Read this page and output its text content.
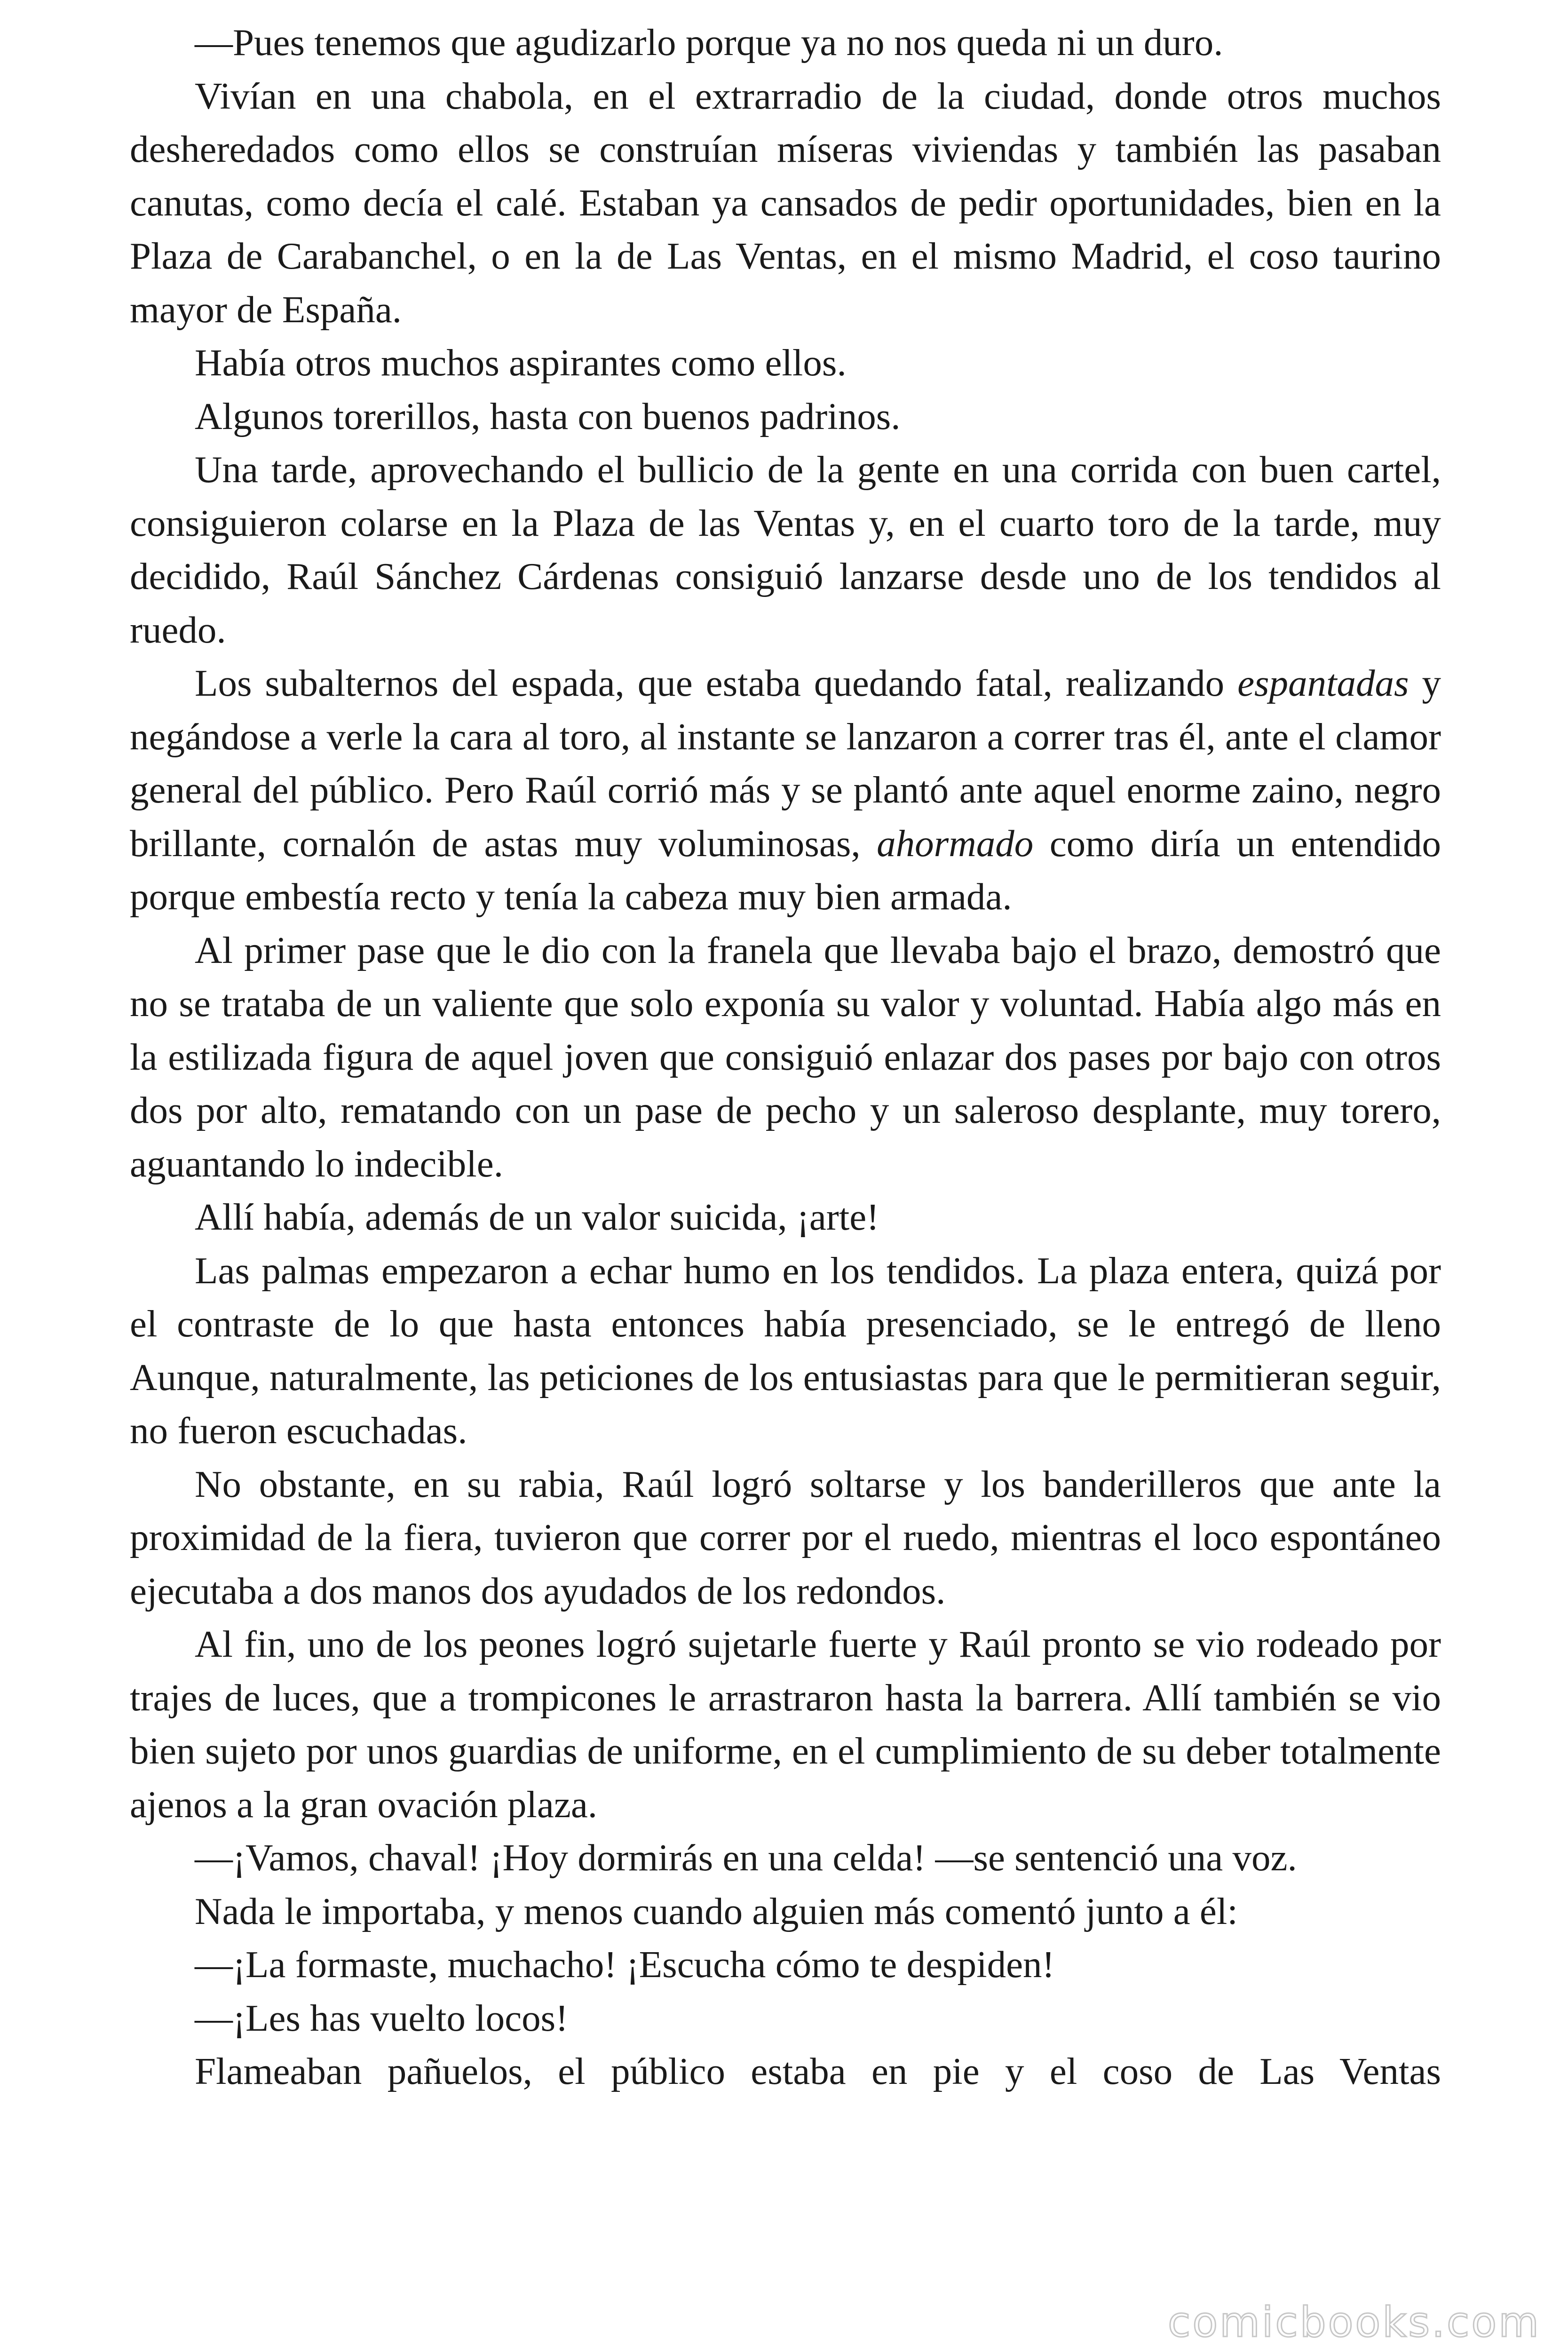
—Pues tenemos que agudizarlo porque ya no nos queda ni un duro.

Vivían en una chabola, en el extrarradio de la ciudad, donde otros muchos desheredados como ellos se construían míseras viviendas y también las pasaban canutas, como decía el calé. Estaban ya cansados de pedir oportunidades, bien en la Plaza de Carabanchel, o en la de Las Ventas, en el mismo Madrid, el coso taurino mayor de España.

Había otros muchos aspirantes como ellos.

Algunos torerillos, hasta con buenos padrinos.

Una tarde, aprovechando el bullicio de la gente en una corrida con buen cartel, consiguieron colarse en la Plaza de las Ventas y, en el cuarto toro de la tarde, muy decidido, Raúl Sánchez Cárdenas consiguió lanzarse desde uno de los tendidos al ruedo.

Los subalternos del espada, que estaba quedando fatal, realizando espantadas y negándose a verle la cara al toro, al instante se lanzaron a correr tras él, ante el clamor general del público. Pero Raúl corrió más y se plantó ante aquel enorme zaino, negro brillante, cornalón de astas muy voluminosas, ahormado como diría un entendido porque embestía recto y tenía la cabeza muy bien armada.

Al primer pase que le dio con la franela que llevaba bajo el brazo, demostró que no se trataba de un valiente que solo exponía su valor y voluntad. Había algo más en la estilizada figura de aquel joven que consiguió enlazar dos pases por bajo con otros dos por alto, rematando con un pase de pecho y un saleroso desplante, muy torero, aguantando lo indecible.

Allí había, además de un valor suicida, ¡arte!

Las palmas empezaron a echar humo en los tendidos. La plaza entera, quizá por el contraste de lo que hasta entonces había presenciado, se le entregó de lleno Aunque, naturalmente, las peticiones de los entusiastas para que le permitieran seguir, no fueron escuchadas.

No obstante, en su rabia, Raúl logró soltarse y los banderilleros que ante la proximidad de la fiera, tuvieron que correr por el ruedo, mientras el loco espontáneo ejecutaba a dos manos dos ayudados de los redondos.

Al fin, uno de los peones logró sujetarle fuerte y Raúl pronto se vio rodeado por trajes de luces, que a trompicones le arrastraron hasta la barrera. Allí también se vio bien sujeto por unos guardias de uniforme, en el cumplimiento de su deber totalmente ajenos a la gran ovación plaza.

—¡Vamos, chaval! ¡Hoy dormirás en una celda! —se sentenció una voz.

Nada le importaba, y menos cuando alguien más comentó junto a él:

—¡La formaste, muchacho! ¡Escucha cómo te despiden!

—¡Les has vuelto locos!

Flameaban pañuelos, el público estaba en pie y el coso de Las Ventas

comicbooks.com
